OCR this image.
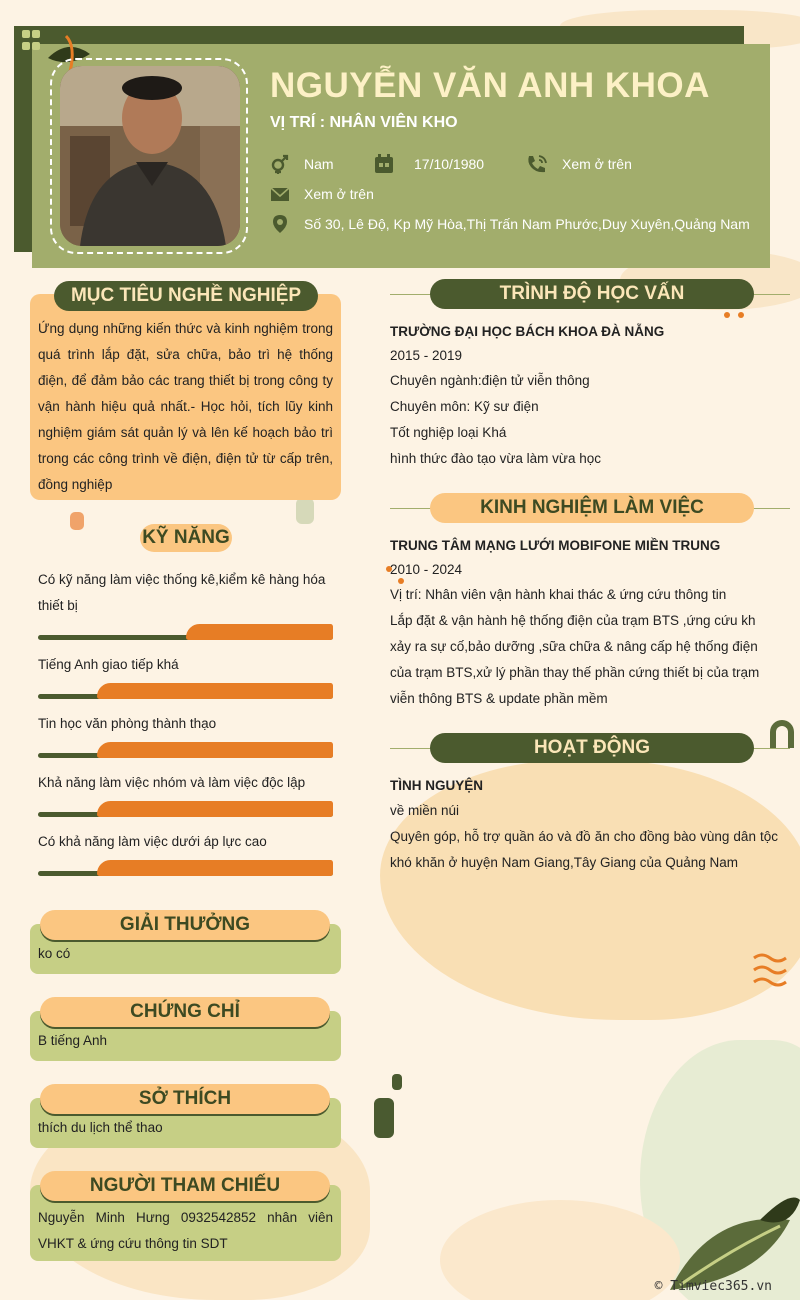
NGUYỄN VĂN ANH KHOA
VỊ TRÍ : NHÂN VIÊN KHO
Nam	17/10/1980	Xem ở trên
Xem ở trên
Số 30, Lê Độ, Kp Mỹ Hòa,Thị Trấn Nam Phước,Duy Xuyên,Quảng Nam
Ứng dụng những kiến thức và kinh nghiệm trong quá trình lắp đặt, sửa chữa, bảo trì hệ thống điện, để đảm bảo các trang thiết bị trong công ty vận hành hiệu quả nhất.- Học hỏi, tích lũy kinh nghiệm giám sát quản lý và lên kế hoạch bảo trì trong các công trình về điện, điện tử từ cấp trên, đồng nghiệp
MỤC TIÊU NGHỀ NGHIỆP
KỸ NĂNG
Có kỹ năng làm việc thống kê,kiểm kê hàng hóa thiết bị
Tiếng Anh giao tiếp khá
Tin học văn phòng thành thạo
Khả năng làm việc nhóm và làm việc độc lập
Có khả năng làm việc dưới áp lực cao
ko có
GIẢI THƯỞNG
B tiếng Anh
CHỨNG CHỈ
thích du lịch thể thao
SỞ THÍCH
Nguyễn Minh Hưng 0932542852 nhân viên VHKT & ứng cứu thông tin SDT
NGƯỜI THAM CHIẾU
TRÌNH ĐỘ HỌC VẤN
TRƯỜNG ĐẠI HỌC BÁCH KHOA ĐÀ NẴNG
2015 - 2019
Chuyên ngành:điện tử viễn thông
Chuyên môn: Kỹ sư điện
Tốt nghiệp loại Khá
hình thức đào tạo vừa làm vừa học
KINH NGHIỆM LÀM VIỆC
TRUNG TÂM MẠNG LƯỚI MOBIFONE MIỀN TRUNG
2010 - 2024
Vị trí: Nhân viên vận hành khai thác & ứng cứu thông tin
Lắp đặt & vận hành hệ thống điện của trạm BTS ,ứng cứu kh
xảy ra sự cố,bảo dưỡng ,sữa chữa & nâng cấp hệ thống điện
của trạm BTS,xử lý phần thay thế phần cứng thiết bị của trạm
viễn thông BTS & update phần mềm
HOẠT ĐỘNG
TÌNH NGUYỆN
về miền núi
Quyên góp, hỗ trợ quần áo và đồ ăn cho đồng bào vùng dân tộc khó khăn ở huyện Nam Giang,Tây Giang của Quảng Nam
© Timviec365.vn
